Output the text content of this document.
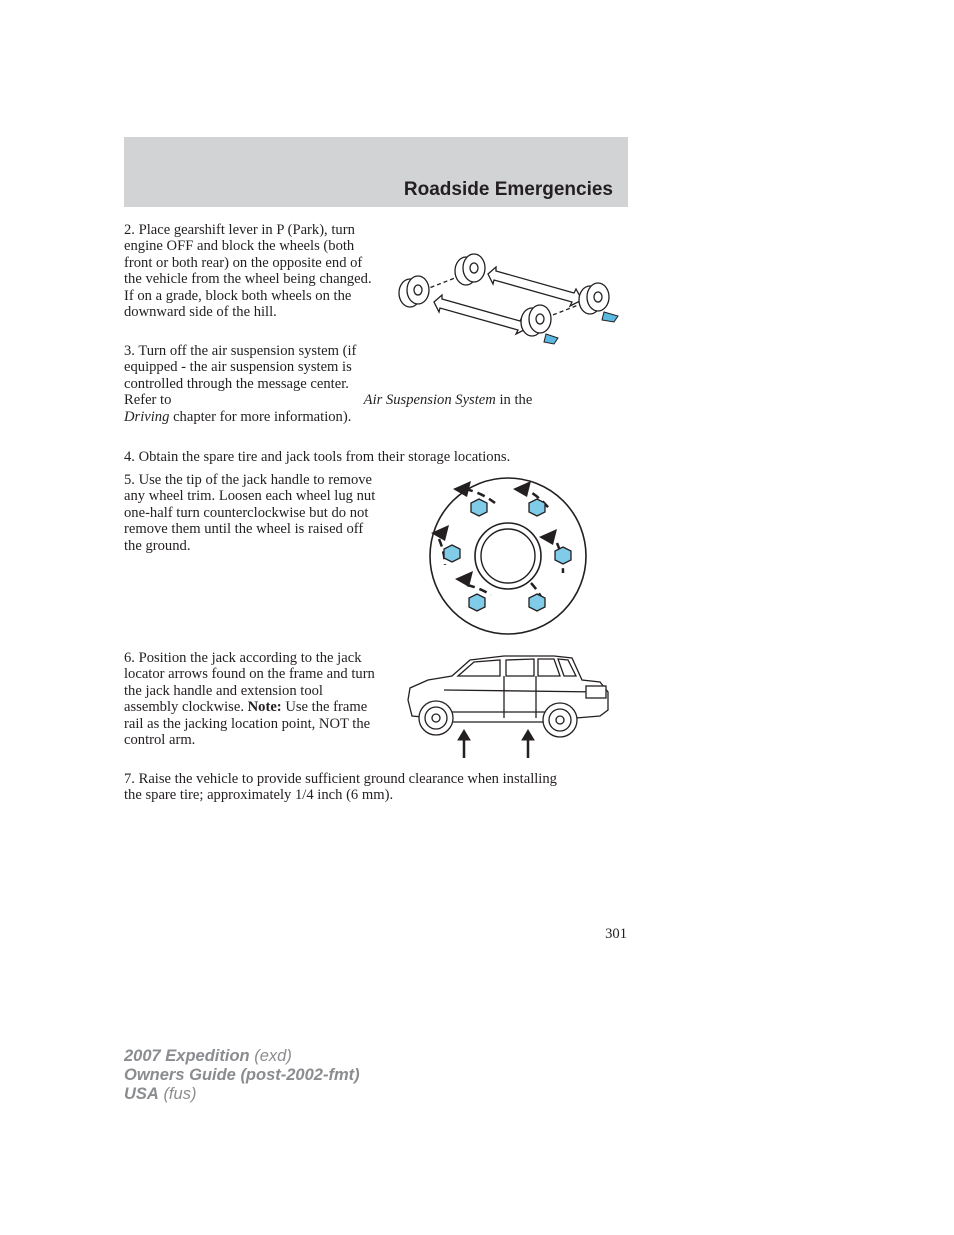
Roadside Emergencies

2. Place gearshift lever in P (Park), turn engine OFF and block the wheels (both front or both rear) on the opposite end of the vehicle from the wheel being changed. If on a grade, block both wheels on the downward side of the hill.

3. Turn off the air suspension system (if equipped - the air suspension system is controlled through the message center. Refer to	Air Suspension System in the Driving chapter for more information).

4. Obtain the spare tire and jack tools from their storage locations.

5. Use the tip of the jack handle to remove any wheel trim. Loosen each wheel lug nut one-half turn counterclockwise but do not remove them until the wheel is raised off the ground.

6. Position the jack according to the jack locator arrows found on the frame and turn the jack handle and extension tool assembly clockwise. Note: Use the frame rail as the jacking location point, NOT the control arm.

7. Raise the vehicle to provide sufficient ground clearance when installing the spare tire; approximately 1/4 inch (6 mm).

301
2007 Expedition (exd)
Owners Guide (post-2002-fmt)
USA (fus)
